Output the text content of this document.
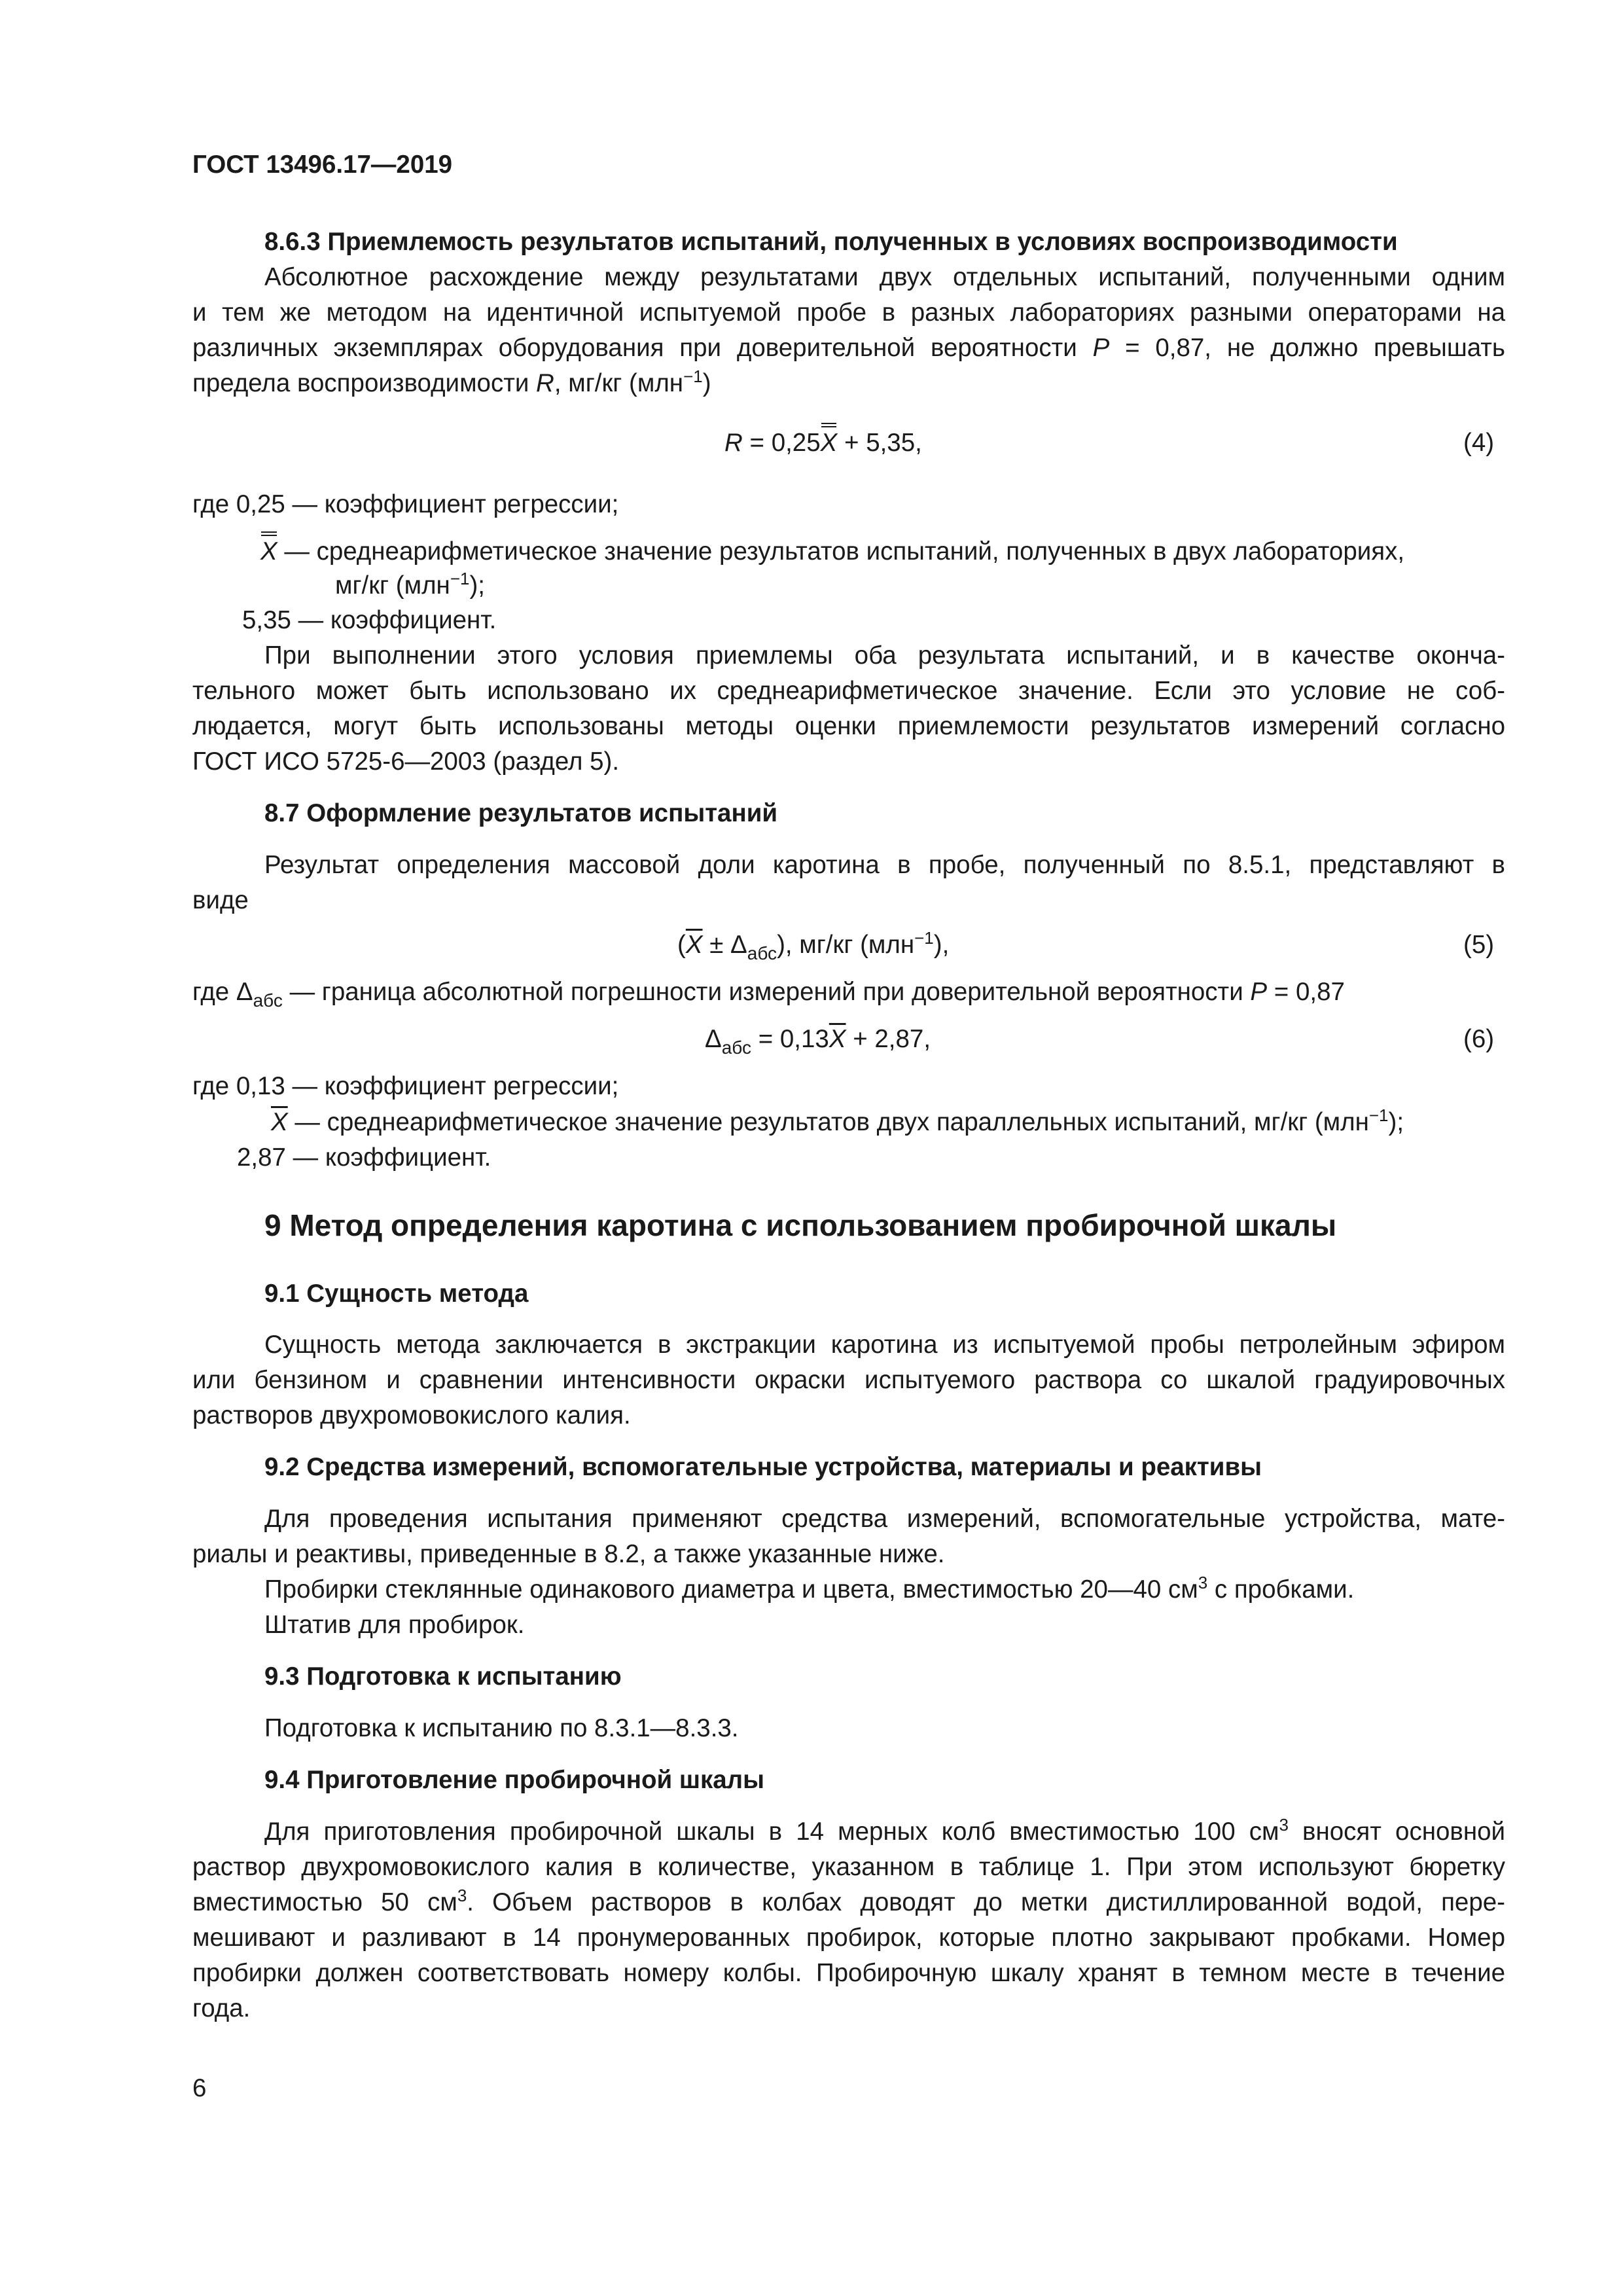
ГОСТ 13496.17—2019
8.6.3 Приемлемость результатов испытаний, полученных в условиях воспроизводимости
Абсолютное расхождение между результатами двух отдельных испытаний, полученными одним
и тем же методом на идентичной испытуемой пробе в разных лабораториях разными операторами на
различных экземплярах оборудования при доверительной вероятности P = 0,87, не должно превышать
предела воспроизводимости R, мг/кг (млн$^{-1}$)
R = 0,25X + 5,35,	(4)
где 0,25 — коэффициент регрессии;
X — среднеарифметическое значение результатов испытаний, полученных в двух лабораториях,
мг/кг (млн$^{-1}$);
5,35 — коэффициент.
При выполнении этого условия приемлемы оба результата испытаний, и в качестве оконча-
тельного может быть использовано их среднеарифметическое значение. Если это условие не соб-
людается, могут быть использованы методы оценки приемлемости результатов измерений согласно
ГОСТ ИСО 5725-6—2003 (раздел 5).
8.7 Оформление результатов испытаний
Результат определения массовой доли каротина в пробе, полученный по 8.5.1, представляют в
виде
$(\overline{X} \pm \Delta_{абс})$, мг/кг (млн$^{-1}$),	(5)
где $\Delta_{абс}$ — граница абсолютной погрешности измерений при доверительной вероятности P = 0,87
$\Delta_{абс} = 0,13\overline{X} + 2,87$,	(6)
где 0,13 — коэффициент регрессии;
$\overline{X}$ — среднеарифметическое значение результатов двух параллельных испытаний, мг/кг (млн$^{-1}$);
2,87 — коэффициент.
9 Метод определения каротина с использованием пробирочной шкалы
9.1 Сущность метода
Сущность метода заключается в экстракции каротина из испытуемой пробы петролейным эфиром
или бензином и сравнении интенсивности окраски испытуемого раствора со шкалой градуировочных
растворов двухромовокислого калия.
9.2 Средства измерений, вспомогательные устройства, материалы и реактивы
Для проведения испытания применяют средства измерений, вспомогательные устройства, мате-
риалы и реактивы, приведенные в 8.2, а также указанные ниже.
Пробирки стеклянные одинакового диаметра и цвета, вместимостью 20—40 $см^3$ с пробками.
Штатив для пробирок.
9.3 Подготовка к испытанию
Подготовка к испытанию по 8.3.1—8.3.3.
9.4 Приготовление пробирочной шкалы
Для приготовления пробирочной шкалы в 14 мерных колб вместимостью 100 $см^3$ вносят основной
раствор двухромовокислого калия в количестве, указанном в таблице 1. При этом используют бюретку
вместимостью 50 $см^3$. Объем растворов в колбах доводят до метки дистиллированной водой, пере-
мешивают и разливают в 14 пронумерованных пробирок, которые плотно закрывают пробками. Номер
пробирки должен соответствовать номеру колбы. Пробирочную шкалу хранят в темном месте в течение
года.
6
